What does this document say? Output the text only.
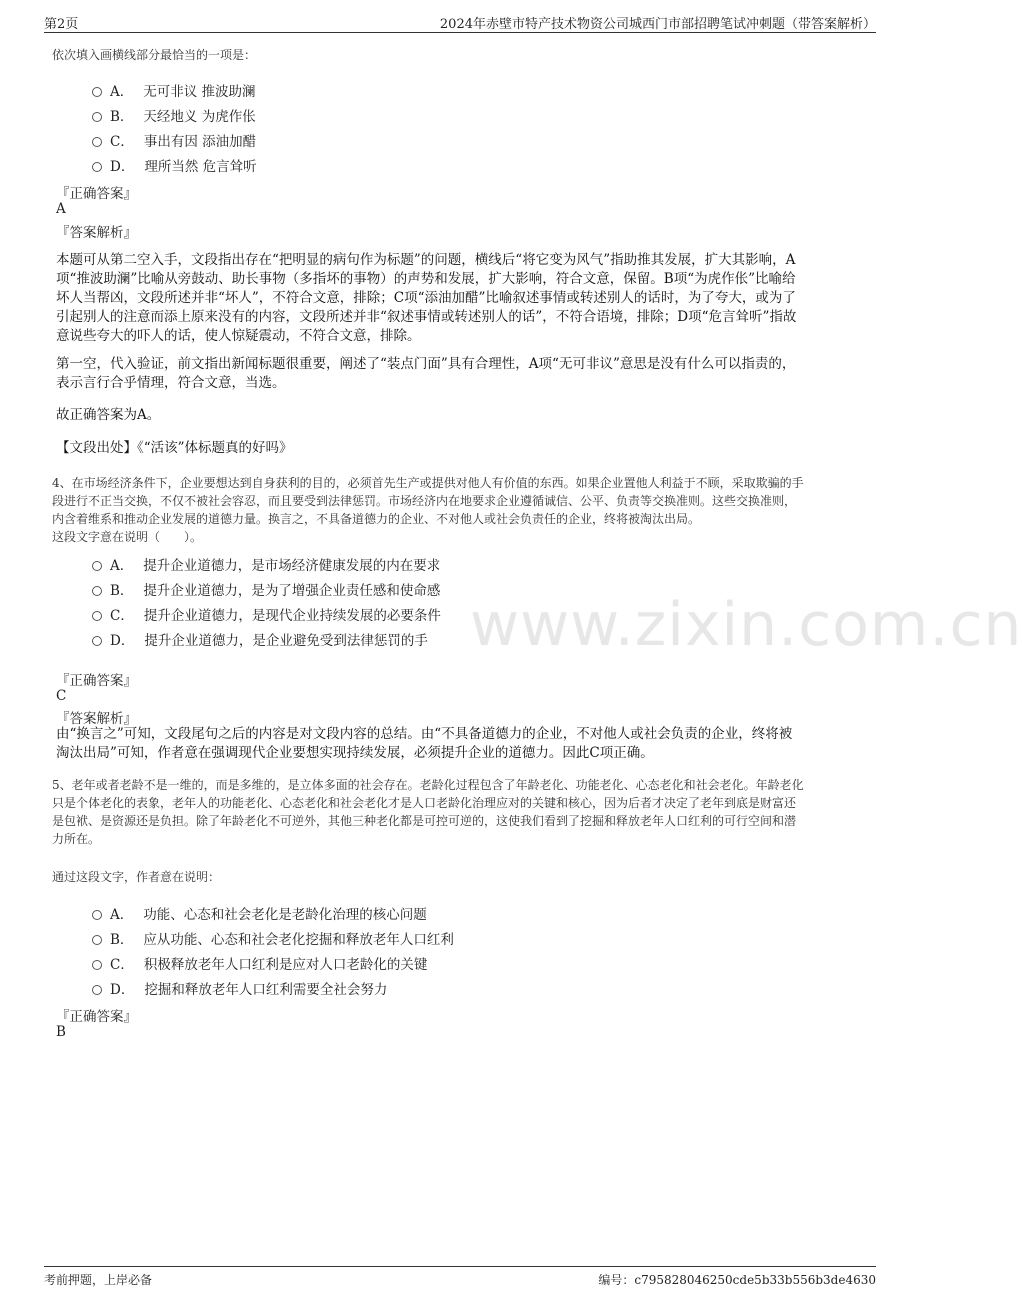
第2页	2024年赤壁市特产技术物资公司城西门市部招聘笔试冲刺题（带答案解析）
www.zixin.com.cn
依次填入画横线部分最恰当的一项是：
A． 无可非议 推波助澜
B． 天经地义 为虎作伥
C． 事出有因 添油加醋
D． 理所当然 危言耸听
『正确答案』
A
『答案解析』
本题可从第二空入手，文段指出存在“把明显的病句作为标题”的问题，横线后“将它变为风气”指助推其发展，扩大其影响，A
项“推波助澜”比喻从旁鼓动、助长事物（多指坏的事物）的声势和发展，扩大影响，符合文意，保留。B项“为虎作伥”比喻给
坏人当帮凶，文段所述并非“坏人”，不符合文意，排除；C项“添油加醋”比喻叙述事情或转述别人的话时，为了夸大，或为了
引起别人的注意而添上原来没有的内容，文段所述并非“叙述事情或转述别人的话”，不符合语境，排除；D项“危言耸听”指故
意说些夸大的吓人的话，使人惊疑震动，不符合文意，排除。
第一空，代入验证，前文指出新闻标题很重要，阐述了“装点门面”具有合理性，A项“无可非议”意思是没有什么可以指责的，
表示言行合乎情理，符合文意，当选。
故正确答案为A。
【文段出处】《“活该”体标题真的好吗》
4、在市场经济条件下，企业要想达到自身获利的目的，必须首先生产或提供对他人有价值的东西。如果企业置他人利益于不顾，采取欺骗的手
段进行不正当交换，不仅不被社会容忍，而且要受到法律惩罚。市场经济内在地要求企业遵循诚信、公平、负责等交换准则。这些交换准则，
内含着维系和推动企业发展的道德力量。换言之，不具备道德力的企业、不对他人或社会负责任的企业，终将被淘汰出局。
这段文字意在说明（　　）。
A． 提升企业道德力，是市场经济健康发展的内在要求
B． 提升企业道德力，是为了增强企业责任感和使命感
C． 提升企业道德力，是现代企业持续发展的必要条件
D． 提升企业道德力，是企业避免受到法律惩罚的手
『正确答案』
C
『答案解析』
由“换言之”可知，文段尾句之后的内容是对文段内容的总结。由“不具备道德力的企业，不对他人或社会负责的企业，终将被
淘汰出局”可知，作者意在强调现代企业要想实现持续发展，必须提升企业的道德力。因此C项正确。
5、老年或者老龄不是一维的，而是多维的，是立体多面的社会存在。老龄化过程包含了年龄老化、功能老化、心态老化和社会老化。年龄老化
只是个体老化的表象，老年人的功能老化、心态老化和社会老化才是人口老龄化治理应对的关键和核心，因为后者才决定了老年到底是财富还
是包袱、是资源还是负担。除了年龄老化不可逆外，其他三种老化都是可控可逆的，这使我们看到了挖掘和释放老年人口红利的可行空间和潜
力所在。
通过这段文字，作者意在说明：
A． 功能、心态和社会老化是老龄化治理的核心问题
B． 应从功能、心态和社会老化挖掘和释放老年人口红利
C． 积极释放老年人口红利是应对人口老龄化的关键
D． 挖掘和释放老年人口红利需要全社会努力
『正确答案』
B
考前押题，上岸必备	编号：c795828046250cde5b33b556b3de4630
